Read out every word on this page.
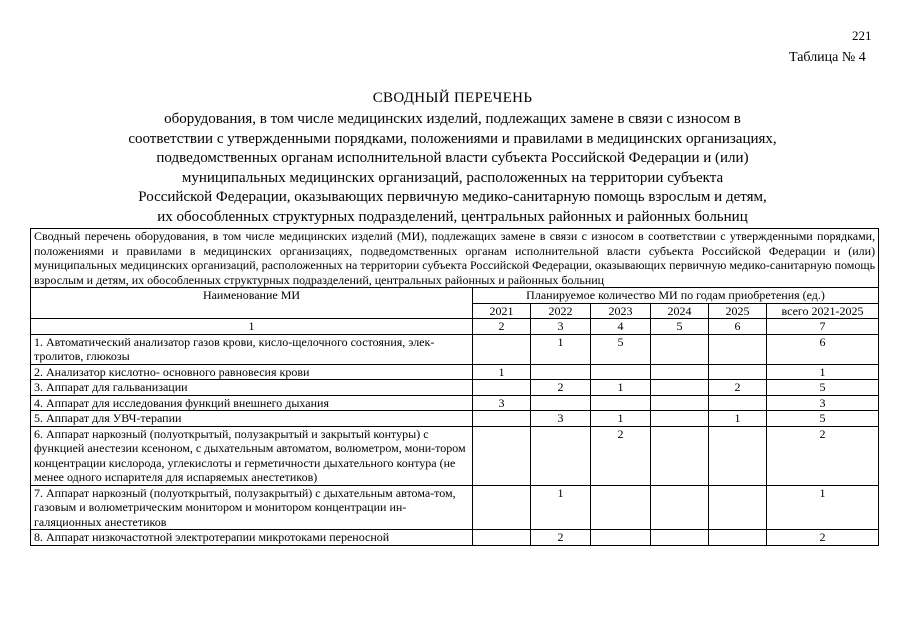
221
Таблица № 4
СВОДНЫЙ ПЕРЕЧЕНЬ
оборудования, в том числе медицинских изделий, подлежащих замене в связи с износом в
соответствии с утвержденными порядками, положениями и правилами в медицинских организациях,
подведомственных органам исполнительной власти субъекта Российской Федерации и (или)
муниципальных медицинских организаций, расположенных на территории субъекта
Российской Федерации, оказывающих первичную медико-санитарную помощь взрослым и детям,
их обособленных структурных подразделений, центральных районных и районных больниц
Сводный перечень оборудования, в том числе медицинских изделий (МИ), подлежащих замене в связи с износом в соответствии с утвержденными порядками, положениями и правилами в медицинских организациях, подведомственных органам исполнительной власти субъекта Российской Федерации и (или) муниципальных медицинских организаций, расположенных на территории субъекта Российской Федерации, оказывающих первичную медико-санитарную помощь взрослым и детям, их обособленных структурных подразделений, центральных районных и районных больниц						
Наименование МИ	Планируемое количество МИ по годам приобретения (ед.)					
	2021	2022	2023	2024	2025	всего 2021-2025
1	2	3	4	5	6	7
1. Автоматический анализатор газов крови, кисло-щелочного состояния, элек-тролитов, глюкозы		1	5			6
2. Анализатор кислотно- основного равновесия крови	1					1
3. Аппарат для гальванизации		2	1		2	5
4. Аппарат для исследования функций внешнего дыхания	3					3
5. Аппарат для УВЧ-терапии		3	1		1	5
6. Аппарат наркозный (полуоткрытый, полузакрытый и закрытый контуры) с функцией анестезии ксеноном, с дыхательным автоматом, волюметром, мони-тором концентрации кислорода, углекислоты и герметичности дыхательного контура (не менее одного испарителя для испаряемых анестетиков)			2			2
7. Аппарат наркозный (полуоткрытый, полузакрытый) с дыхательным автома-том, газовым и волюметрическим монитором и монитором концентрации ин-галяционных анестетиков		1				1
8. Аппарат низкочастотной электротерапии микротоками переносной		2				2
